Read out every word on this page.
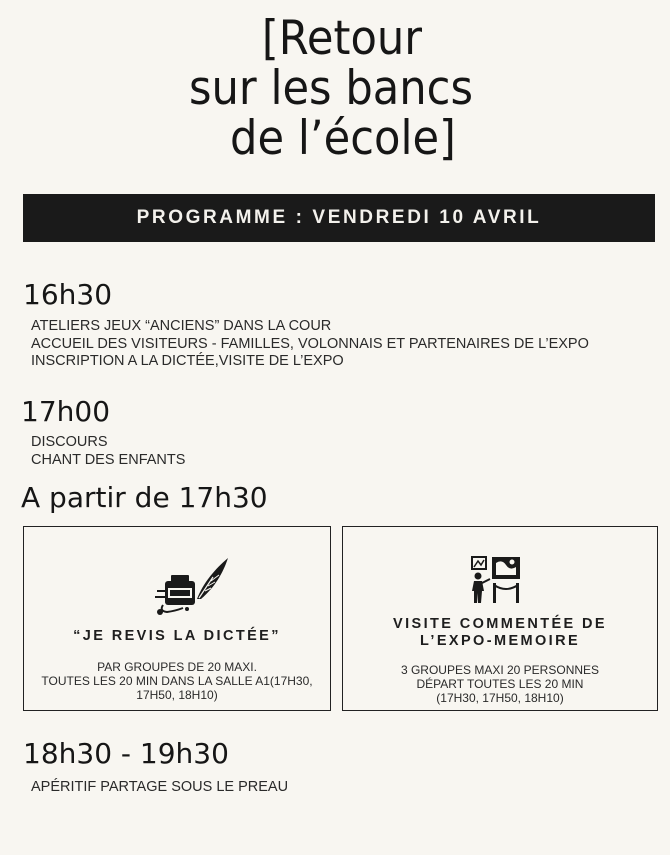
[Retour
sur les bancs
de l’école]
PROGRAMME : VENDREDI 10 AVRIL
16h30
ATELIERS JEUX “ANCIENS” DANS LA COUR
ACCUEIL DES VISITEURS - FAMILLES, VOLONNAIS ET PARTENAIRES DE L’EXPO
INSCRIPTION A LA DICTÉE,VISITE DE L’EXPO
17h00
DISCOURS
CHANT DES ENFANTS
A partir de 17h30
“JE REVIS LA DICTÉE”
PAR GROUPES DE 20 MAXI.
TOUTES LES 20 MIN DANS LA SALLE A1(17H30,
17H50, 18H10)
VISITE COMMENTÉE DE
L’EXPO-MEMOIRE
3 GROUPES MAXI 20 PERSONNES
DÉPART TOUTES LES 20 MIN
(17H30, 17H50, 18H10)
18h30 - 19h30
APÉRITIF PARTAGE SOUS LE PREAU
